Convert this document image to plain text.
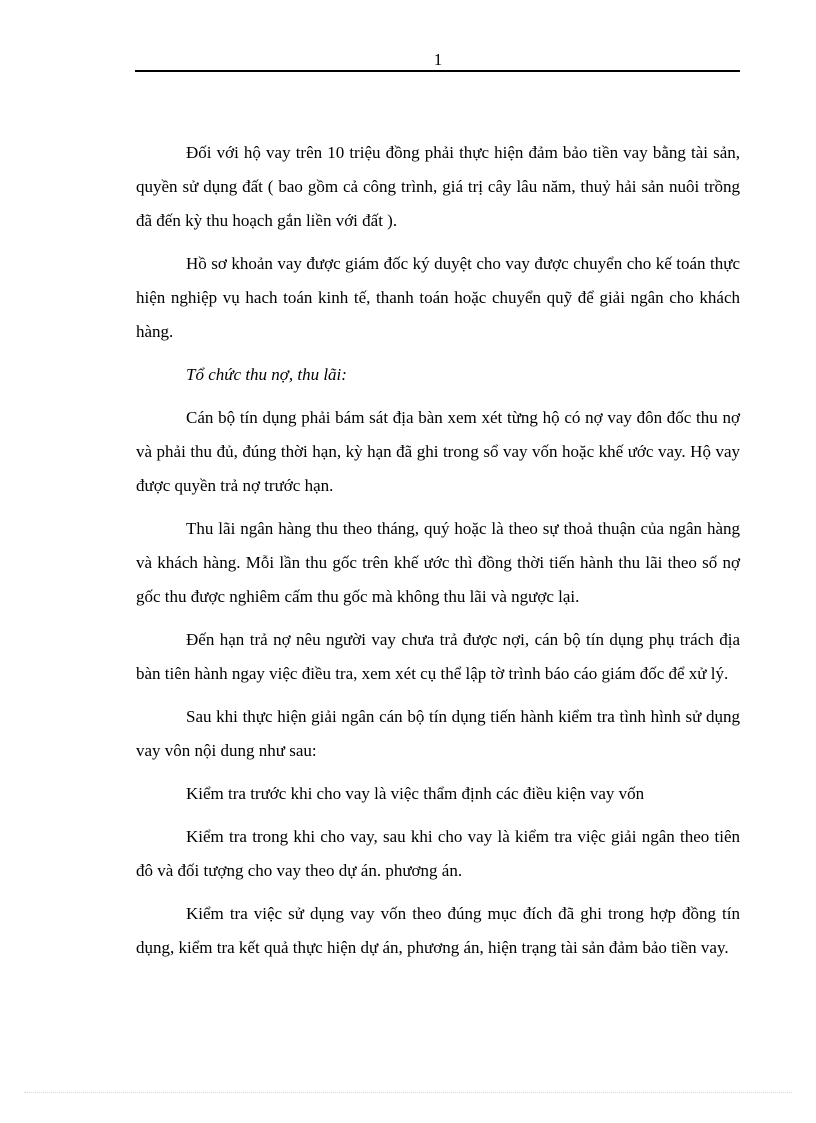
1

Đối với hộ vay trên 10 triệu đồng phải thực hiện đảm bảo tiền vay bằng tài sản, quyền sử dụng đất ( bao gồm cả công trình, giá trị cây lâu năm, thuỷ hải sản nuôi trồng đã đến kỳ thu hoạch gắn liền với đất ).

Hồ sơ khoản vay được giám đốc ký duyệt cho vay được chuyển cho kế toán thực hiện nghiệp vụ hach toán kinh tế, thanh toán hoặc chuyển quỹ để giải ngân cho khách hàng.

Tổ chức thu nợ, thu lãi:

Cán bộ tín dụng phải bám sát địa bàn xem xét từng hộ có nợ vay đôn đốc thu nợ và phải thu đủ, đúng thời hạn, kỳ hạn đã ghi trong sổ vay vốn hoặc khế ước vay. Hộ vay được quyền trả nợ trước hạn.

Thu lãi ngân hàng thu theo tháng, quý hoặc là theo sự thoả thuận của ngân hàng và khách hàng. Mỗi lần thu gốc trên khế ước thì đồng thời tiến hành thu lãi theo số nợ gốc thu được nghiêm cấm thu gốc mà không thu lãi và ngược lại.

Đến hạn trả nợ nêu người vay chưa trả được nợi, cán bộ tín dụng phụ trách địa bàn tiên hành ngay việc điều tra, xem xét cụ thể lập tờ trình báo cáo giám đốc để xử lý.

Sau khi thực hiện giải ngân cán bộ tín dụng tiến hành kiểm tra tình hình sử dụng vay vôn nội dung như sau:

Kiểm tra trước khi cho vay là việc thẩm định các điều kiện vay vốn

Kiểm tra trong khi cho vay, sau khi cho vay là kiểm tra việc giải ngân theo tiên đô và đối tượng cho vay theo dự án. phương án.

Kiểm tra việc sử dụng vay vốn theo đúng mục đích đã ghi trong hợp đồng tín dụng, kiểm tra kết quả thực hiện dự án, phương án, hiện trạng tài sản đảm bảo tiền vay.
